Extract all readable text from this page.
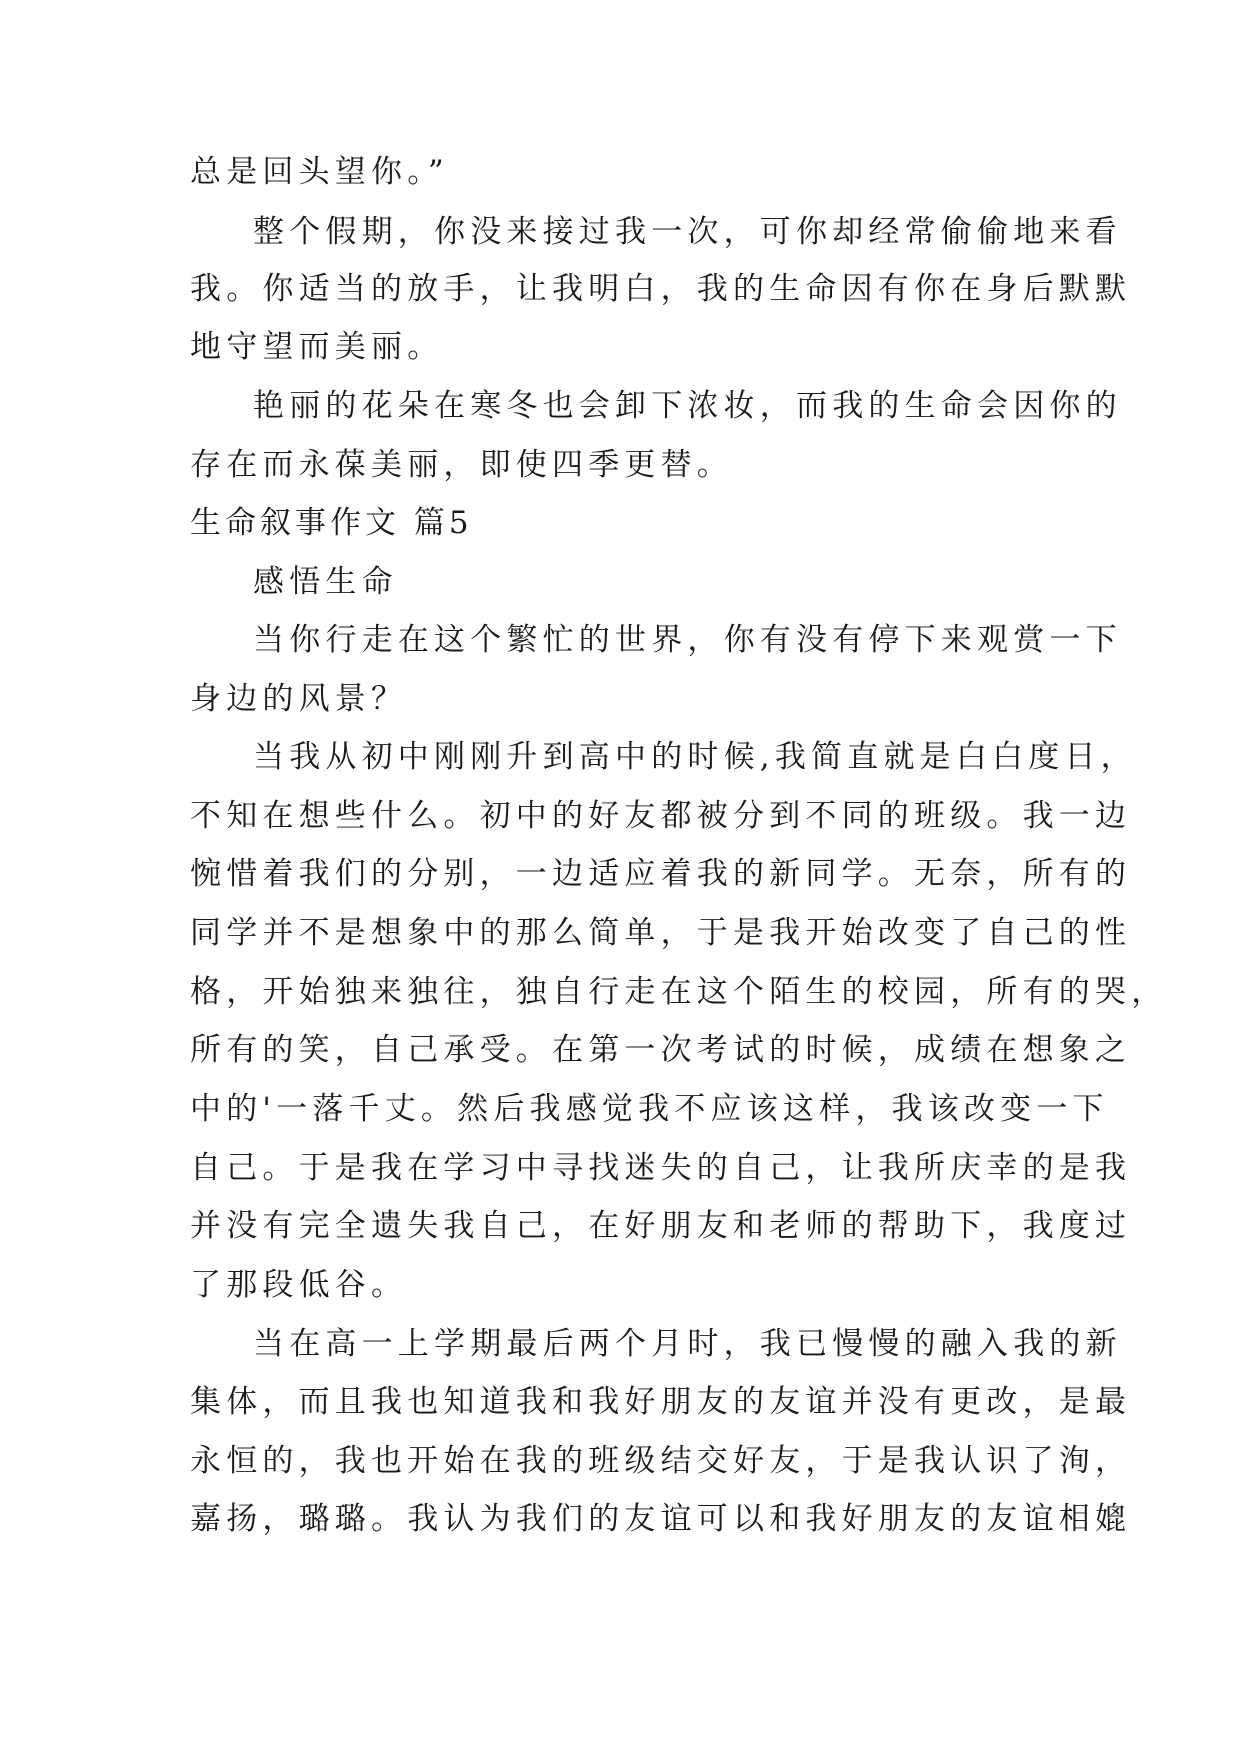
总是回头望你。”
整个假期，你没来接过我一次，可你却经常偷偷地来看
我。你适当的放手，让我明白，我的生命因有你在身后默默
地守望而美丽。
艳丽的花朵在寒冬也会卸下浓妆，而我的生命会因你的
存在而永葆美丽，即使四季更替。
生命叙事作文 篇5
感悟生命
当你行走在这个繁忙的世界，你有没有停下来观赏一下
身边的风景？
当我从初中刚刚升到高中的时候,我简直就是白白度日，
不知在想些什么。初中的好友都被分到不同的班级。我一边
惋惜着我们的分别，一边适应着我的新同学。无奈，所有的
同学并不是想象中的那么简单，于是我开始改变了自己的性
格，开始独来独往，独自行走在这个陌生的校园，所有的哭，
所有的笑，自己承受。在第一次考试的时候，成绩在想象之
中的'一落千丈。然后我感觉我不应该这样，我该改变一下
自己。于是我在学习中寻找迷失的自己，让我所庆幸的是我
并没有完全遗失我自己，在好朋友和老师的帮助下，我度过
了那段低谷。
当在高一上学期最后两个月时，我已慢慢的融入我的新
集体，而且我也知道我和我好朋友的友谊并没有更改，是最
永恒的，我也开始在我的班级结交好友，于是我认识了洵，
嘉扬，璐璐。我认为我们的友谊可以和我好朋友的友谊相媲
